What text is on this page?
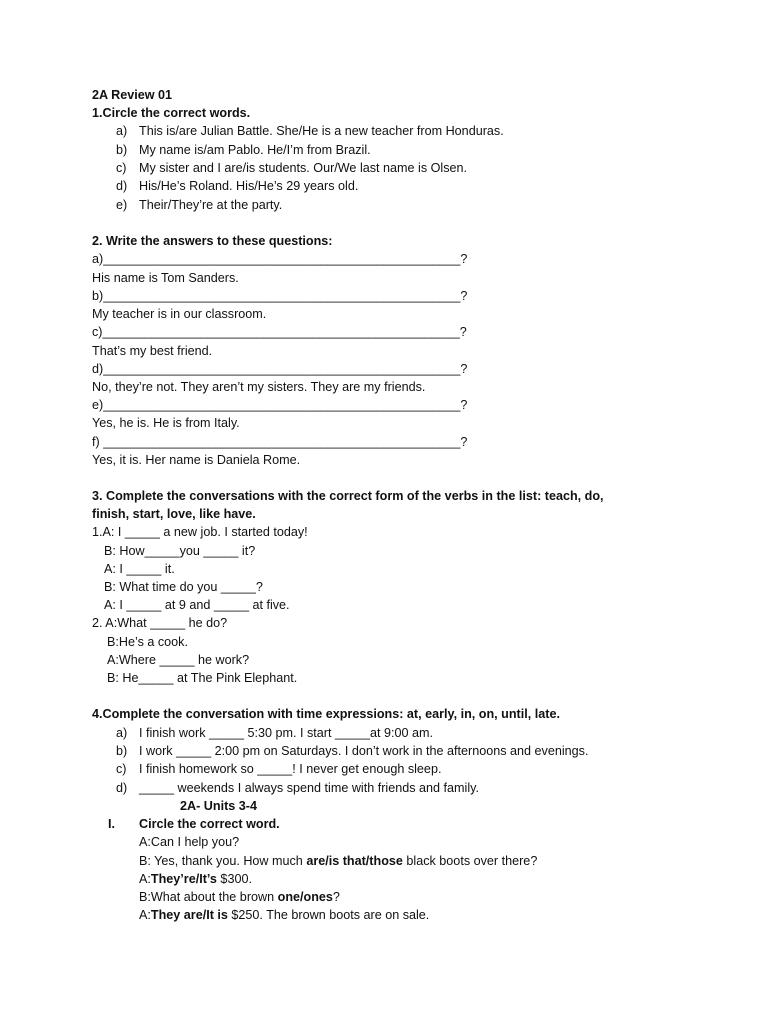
2A Review 01
1.Circle the correct words.
a) This is/are Julian Battle. She/He is a new teacher from Honduras.
b) My name is/am Pablo. He/I’m from Brazil.
c) My sister and I are/is students. Our/We last name is Olsen.
d) His/He’s Roland. His/He’s 29 years old.
e) Their/They’re at the party.
2. Write the answers to these questions:
a)___________________________________________________?
His name is Tom Sanders.
b)___________________________________________________?
My teacher is in our classroom.
c)___________________________________________________?
That’s my best friend.
d)___________________________________________________?
No, they’re not. They aren’t my sisters. They are my friends.
e)___________________________________________________?
Yes, he is. He is from Italy.
f) ___________________________________________________?
Yes, it is. Her name is Daniela Rome.
3. Complete the conversations with the correct form of the verbs in the list: teach, do,
finish, start, love, like have.
1.A: I _____ a new job. I started today!
B: How_____you _____ it?
A: I _____ it.
B: What time do you _____?
A: I _____ at 9 and _____ at five.
2. A:What _____ he do?
B:He’s a cook.
A:Where _____ he work?
B: He_____ at The Pink Elephant.
4.Complete the conversation with time expressions: at, early, in, on, until, late.
a) I finish work _____ 5:30 pm. I start _____at 9:00 am.
b) I work _____ 2:00 pm on Saturdays. I don’t work in the afternoons and evenings.
c) I finish homework so _____! I never get enough sleep.
d) _____ weekends I always spend time with friends and family.
2A- Units 3-4
I. Circle the correct word.
A:Can I help you?
B: Yes, thank you. How much are/is that/those black boots over there?
A:They’re/It’s $300.
B:What about the brown one/ones?
A:They are/It is $250. The brown boots are on sale.
